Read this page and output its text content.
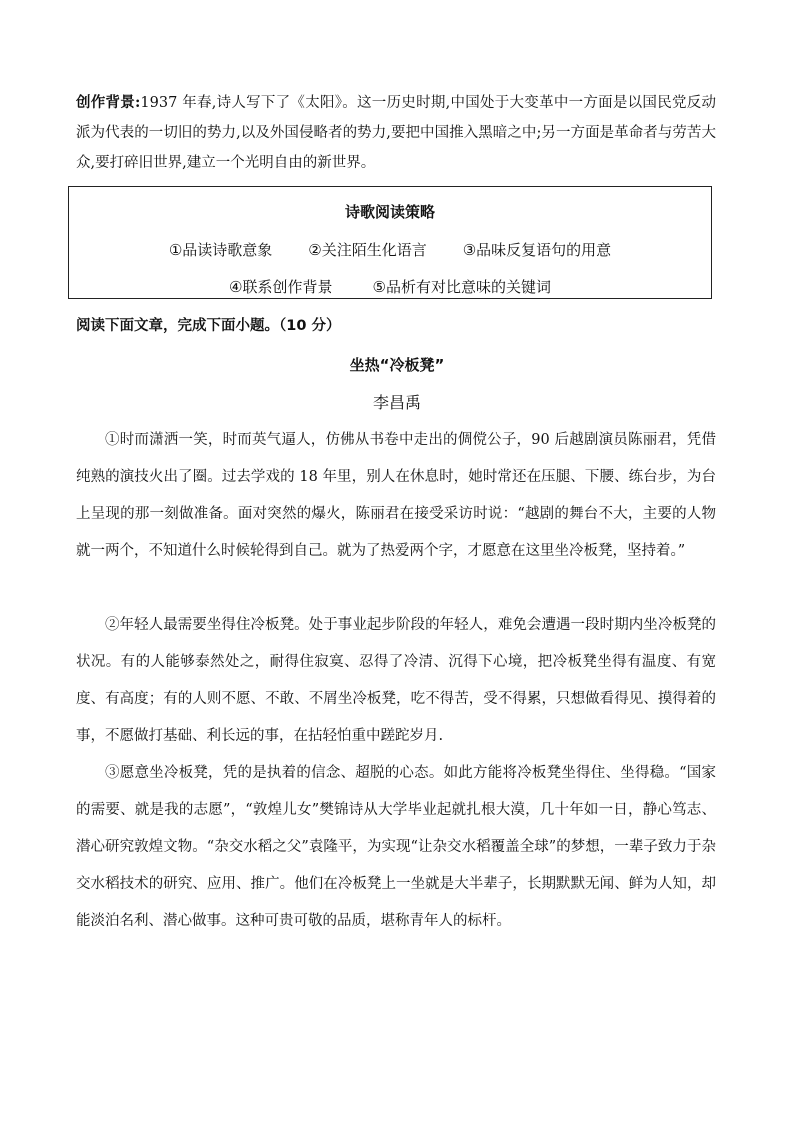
创作背景:1937 年春,诗人写下了《太阳》。这一历史时期,中国处于大变革中一方面是以国民党反动派为代表的一切旧的势力,以及外国侵略者的势力,要把中国推入黑暗之中;另一方面是革命者与劳苦大众,要打碎旧世界,建立一个光明自由的新世界。
诗歌阅读策略
①品读诗歌意象 ②关注陌生化语言 ③品味反复语句的用意
④联系创作背景	⑤品析有对比意味的关键词
阅读下面文章，完成下面小题。（10 分）
坐热“冷板凳”
李昌禹
①时而潇洒一笑，时而英气逼人，仿佛从书卷中走出的倜傥公子，90 后越剧演员陈丽君，凭借纯熟的演技火出了圈。过去学戏的 18 年里，别人在休息时，她时常还在压腿、下腰、练台步，为台上呈现的那一刻做准备。面对突然的爆火，陈丽君在接受采访时说：“越剧的舞台不大，主要的人物就一两个，不知道什么时候轮得到自己。就为了热爱两个字，才愿意在这里坐冷板凳，坚持着。”
②年轻人最需要坐得住冷板凳。处于事业起步阶段的年轻人，难免会遭遇一段时期内坐冷板凳的状况。有的人能够泰然处之，耐得住寂寞、忍得了冷清、沉得下心境，把冷板凳坐得有温度、有宽度、有高度；有的人则不愿、不敢、不屑坐冷板凳，吃不得苦，受不得累，只想做看得见、摸得着的事，不愿做打基础、利长远的事，在拈轻怕重中蹉跎岁月.
③愿意坐冷板凳，凭的是执着的信念、超脱的心态。如此方能将冷板凳坐得住、坐得稳。“国家的需要、就是我的志愿”，“敦煌儿女”樊锦诗从大学毕业起就扎根大漠，几十年如一日，静心笃志、潜心研究敦煌文物。“杂交水稻之父”袁隆平，为实现“让杂交水稻覆盖全球”的梦想，一辈子致力于杂交水稻技术的研究、应用、推广。他们在冷板凳上一坐就是大半辈子，长期默默无闻、鲜为人知，却能淡泊名利、潜心做事。这种可贵可敬的品质，堪称青年人的标杆。
